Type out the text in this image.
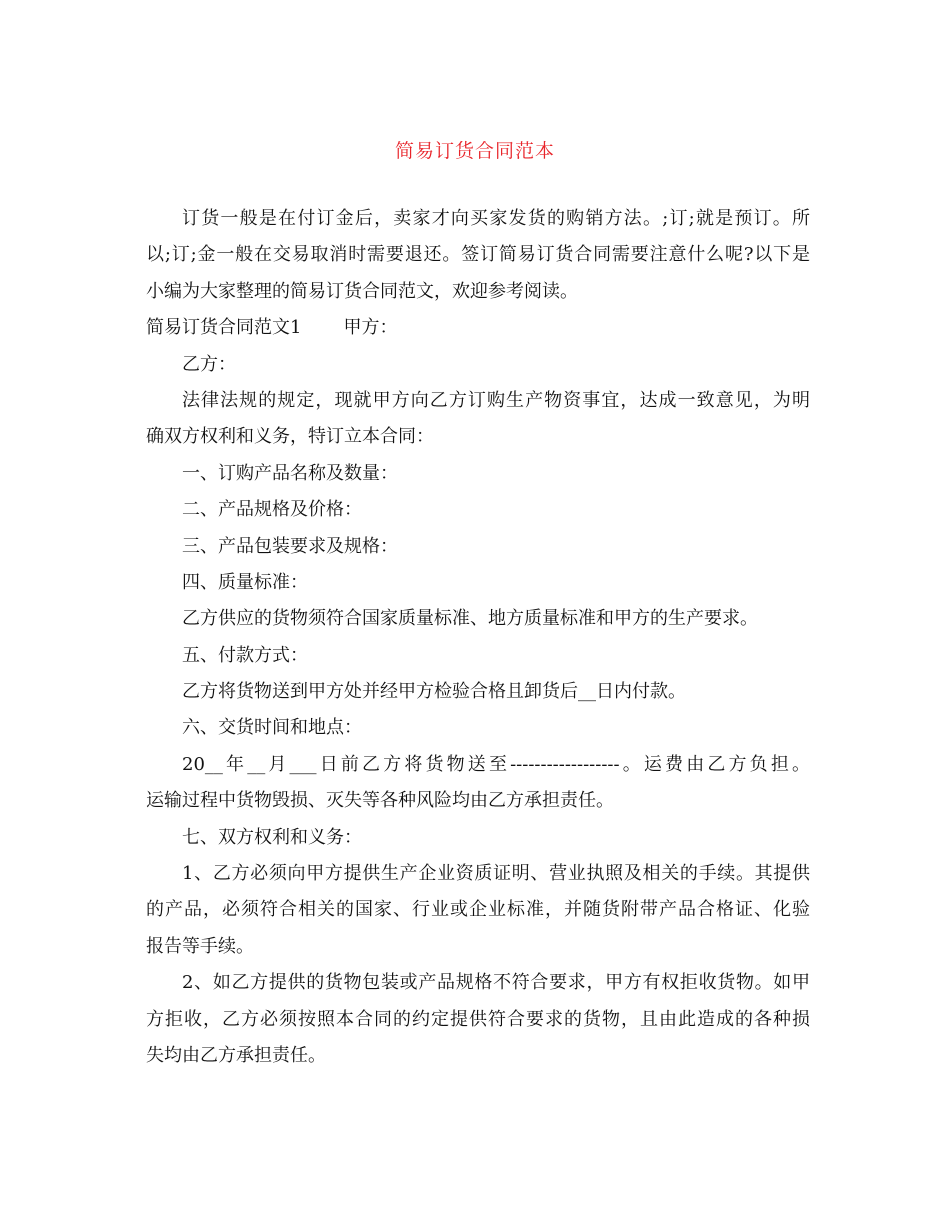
简易订货合同范本
订货一般是在付订金后，卖家才向买家发货的购销方法。;订;就是预订。所
以;订;金一般在交易取消时需要退还。签订简易订货合同需要注意什么呢?以下是
小编为大家整理的简易订货合同范文，欢迎参考阅读。
简易订货合同范文1 甲方：
乙方：
法律法规的规定，现就甲方向乙方订购生产物资事宜，达成一致意见，为明
确双方权利和义务，特订立本合同：
一、订购产品名称及数量：
二、产品规格及价格：
三、产品包装要求及规格：
四、质量标准：
乙方供应的货物须符合国家质量标准、地方质量标准和甲方的生产要求。
五、付款方式：
乙方将货物送到甲方处并经甲方检验合格且卸货后__日内付款。
六、交货时间和地点：
20__年__月___日前乙方将货物送至------------------。运费由乙方负担。
运输过程中货物毁损、灭失等各种风险均由乙方承担责任。
七、双方权利和义务：
1、乙方必须向甲方提供生产企业资质证明、营业执照及相关的手续。其提供
的产品，必须符合相关的国家、行业或企业标准，并随货附带产品合格证、化验
报告等手续。
2、如乙方提供的货物包装或产品规格不符合要求，甲方有权拒收货物。如甲
方拒收，乙方必须按照本合同的约定提供符合要求的货物，且由此造成的各种损
失均由乙方承担责任。
